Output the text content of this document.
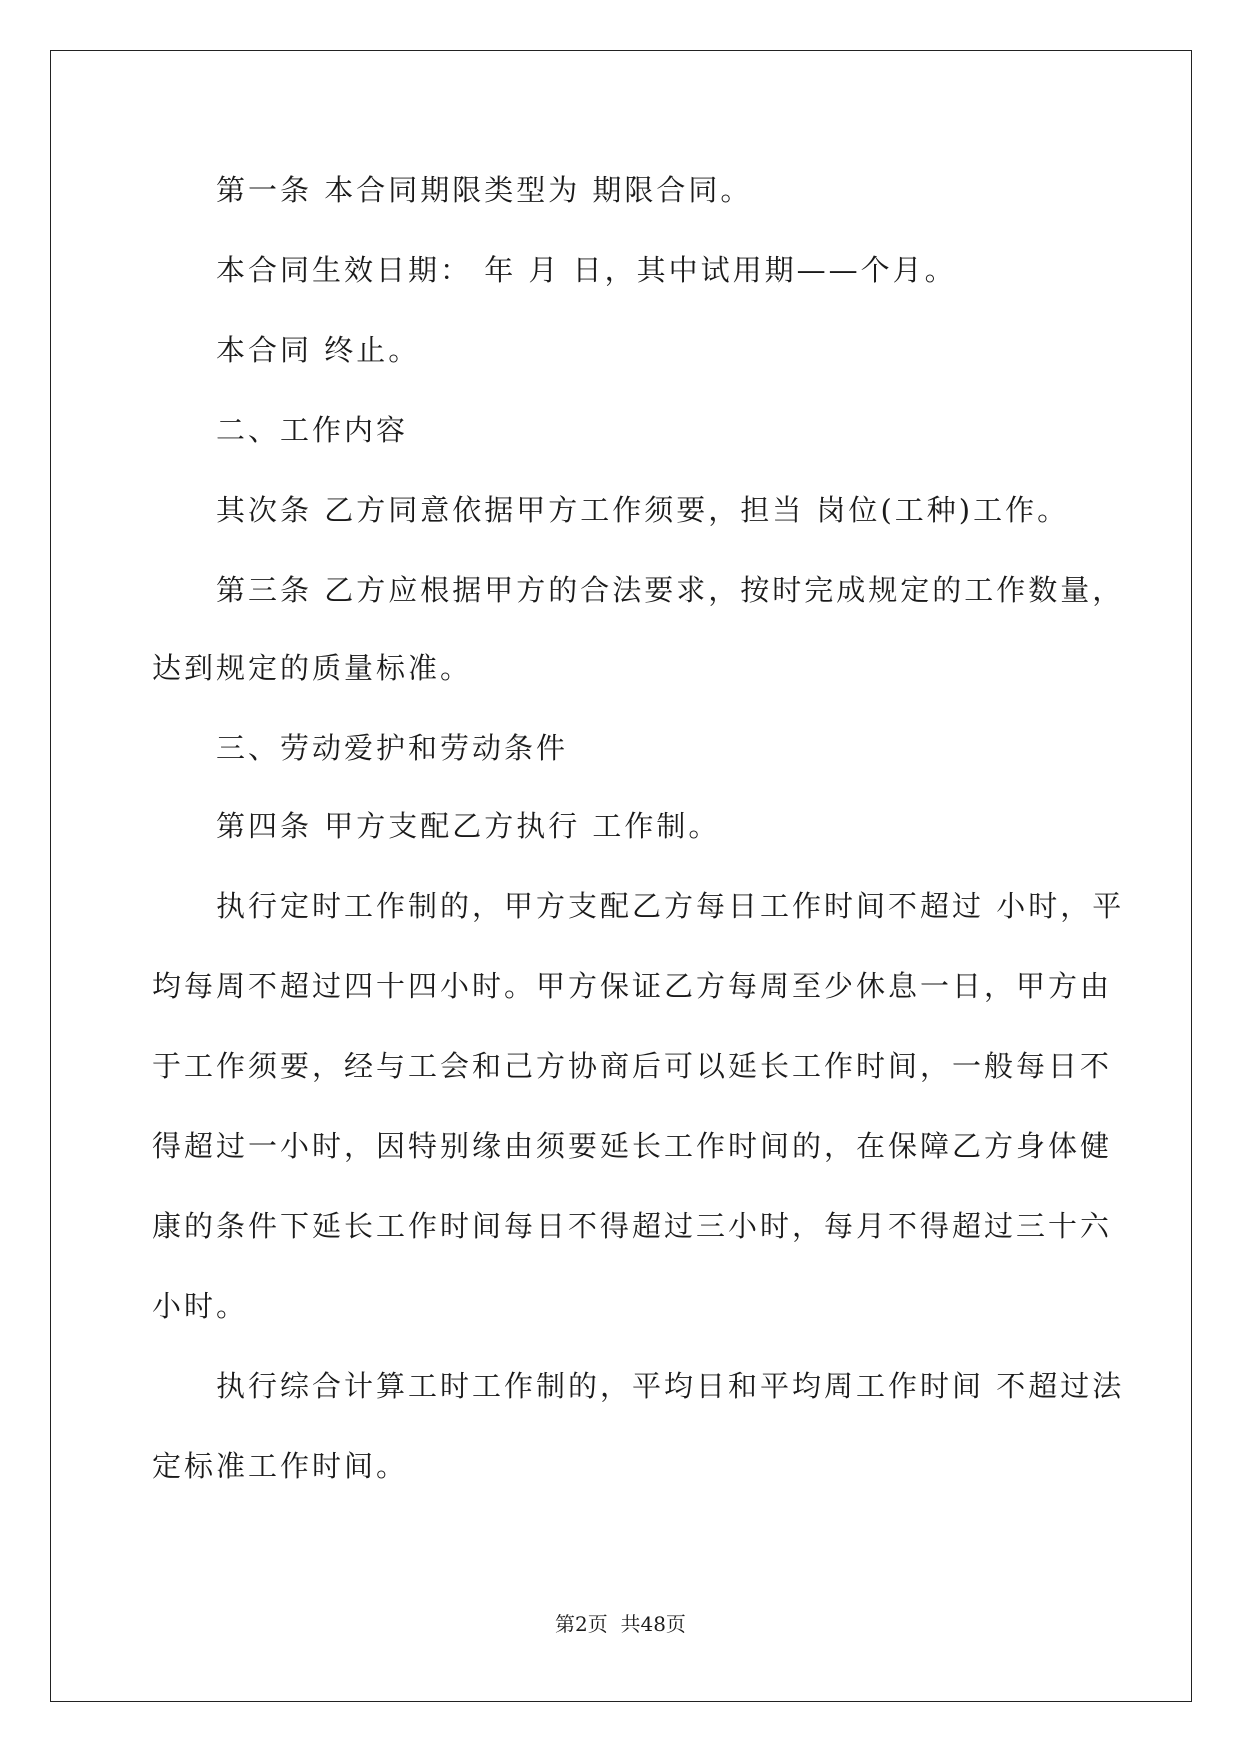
第一条 本合同期限类型为 期限合同。
本合同生效日期： 年 月 日，其中试用期——个月。
本合同 终止。
二、工作内容
其次条 乙方同意依据甲方工作须要，担当 岗位(工种)工作。
第三条 乙方应根据甲方的合法要求，按时完成规定的工作数量，
达到规定的质量标准。
三、劳动爱护和劳动条件
第四条 甲方支配乙方执行 工作制。
执行定时工作制的，甲方支配乙方每日工作时间不超过 小时，平
均每周不超过四十四小时。甲方保证乙方每周至少休息一日，甲方由
于工作须要，经与工会和己方协商后可以延长工作时间，一般每日不
得超过一小时，因特别缘由须要延长工作时间的，在保障乙方身体健
康的条件下延长工作时间每日不得超过三小时，每月不得超过三十六
小时。
执行综合计算工时工作制的，平均日和平均周工作时间 不超过法
定标准工作时间。
第2页  共48页
